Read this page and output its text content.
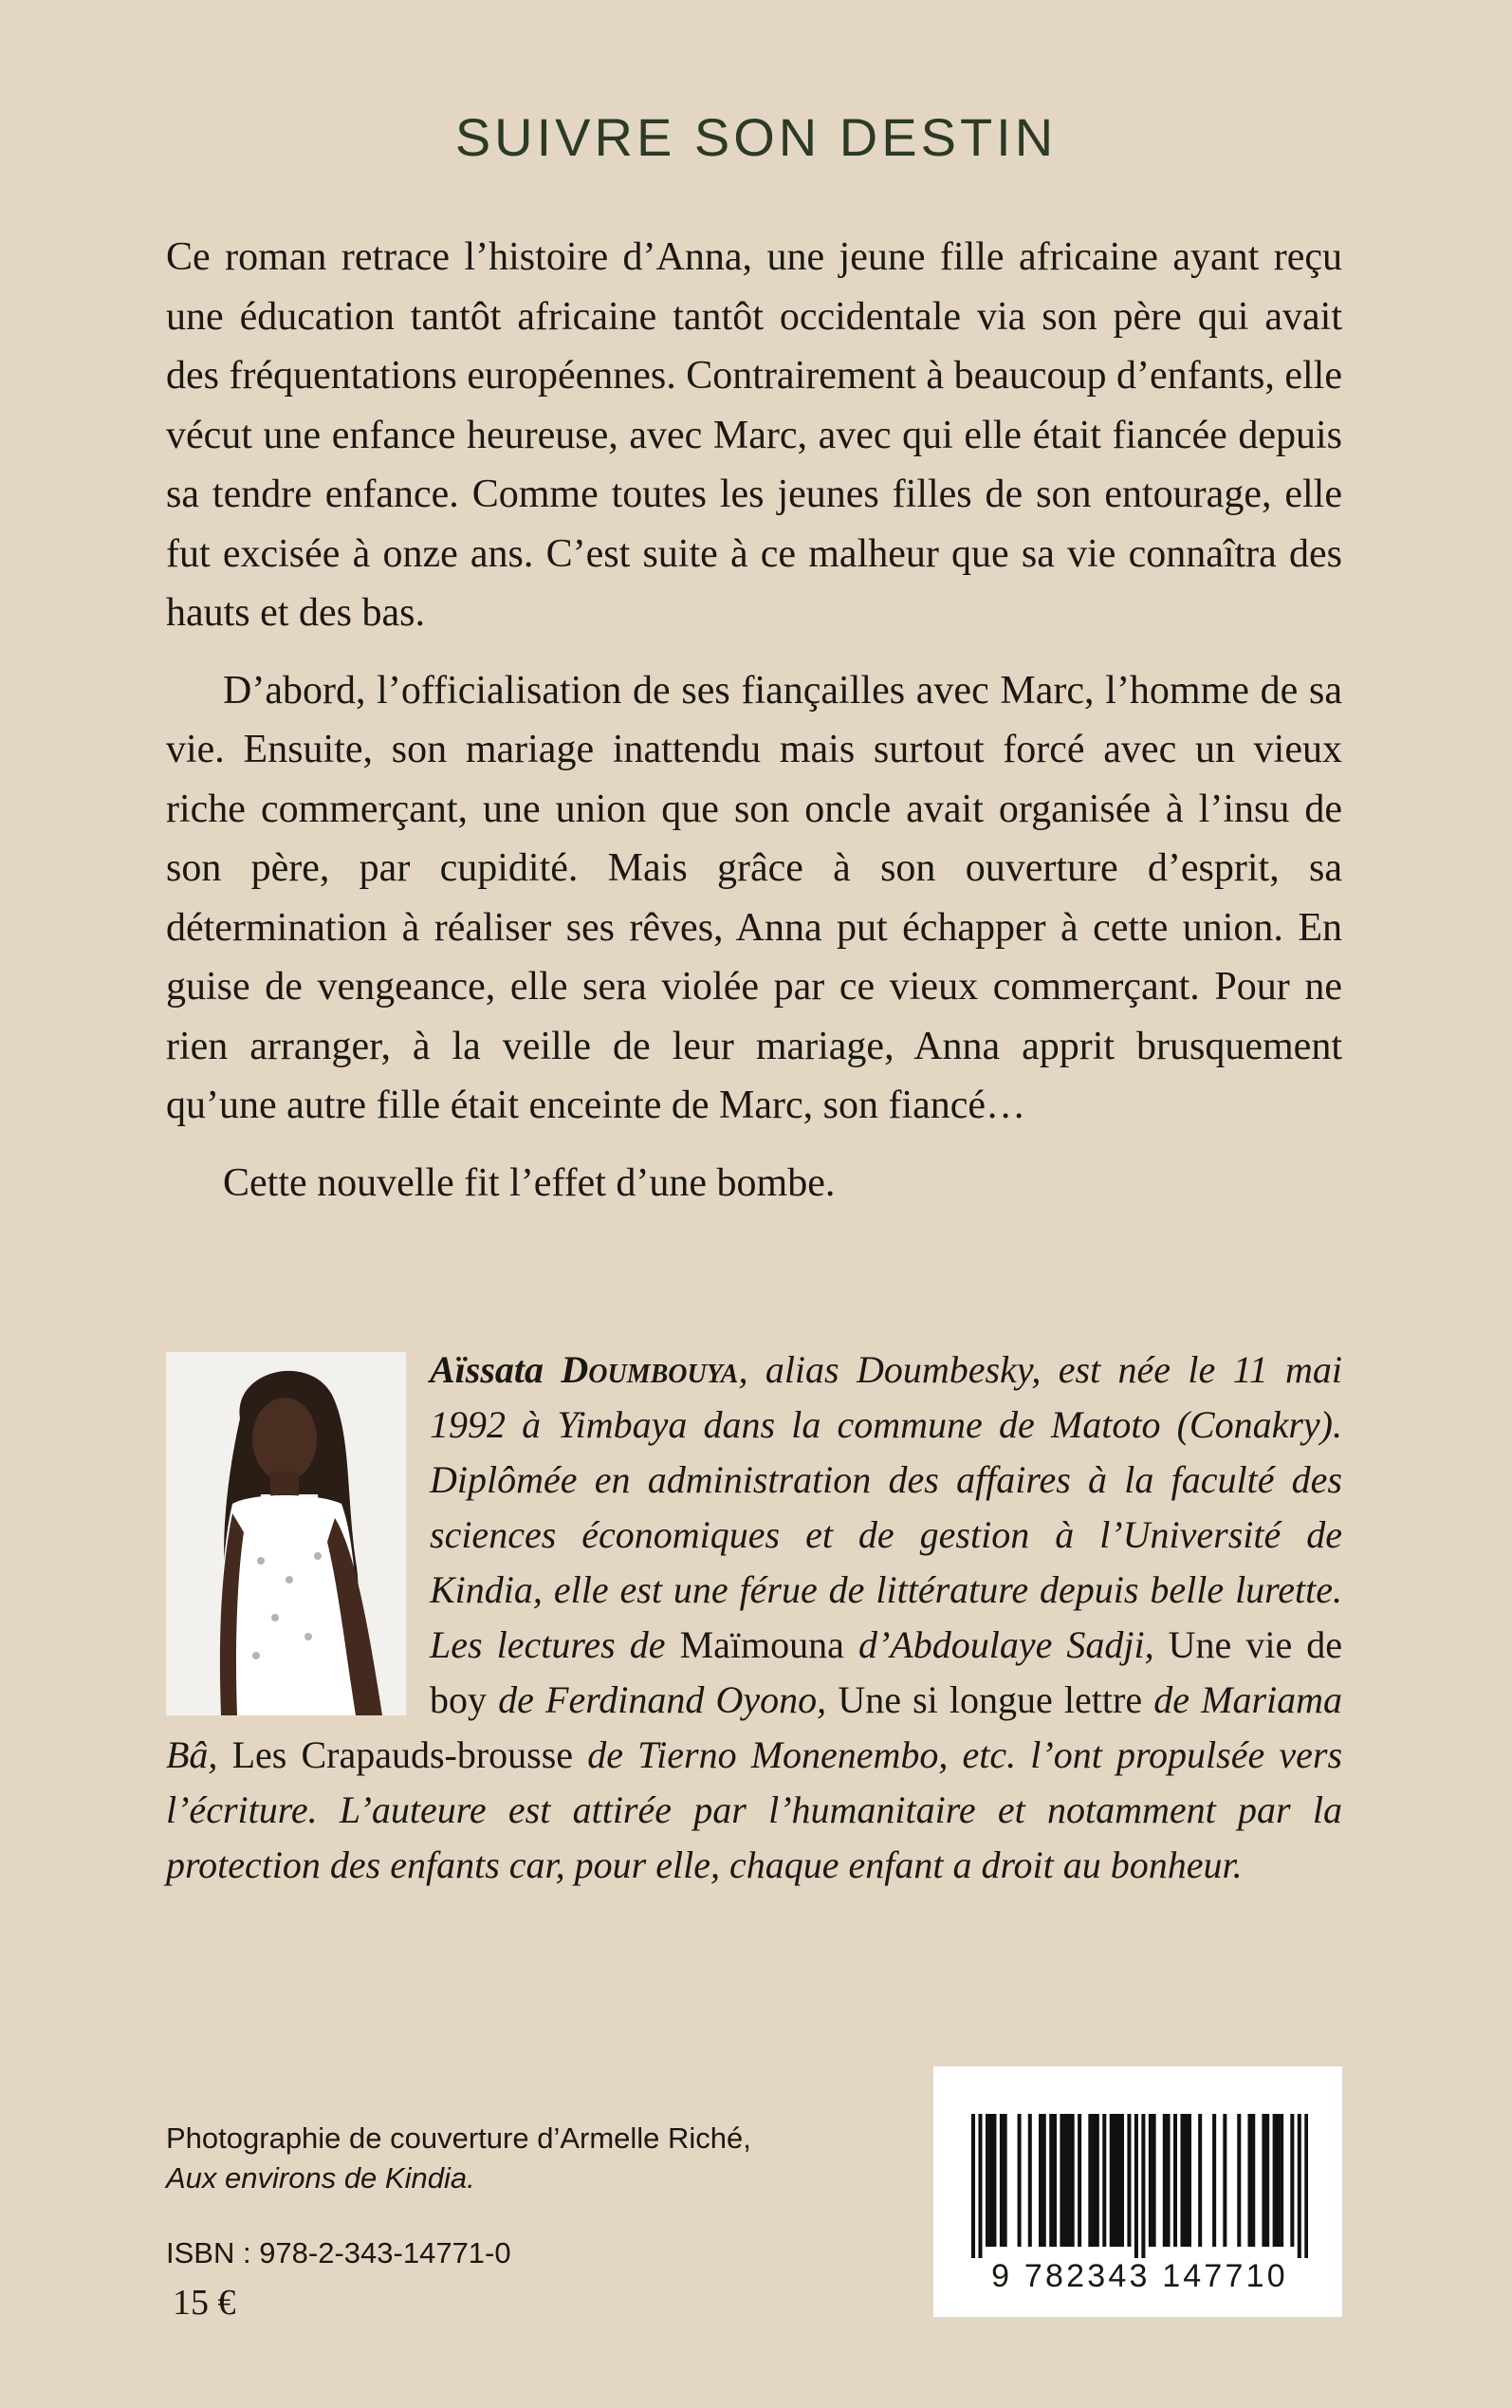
SUIVRE SON DESTIN

Ce roman retrace l’histoire d’Anna, une jeune fille africaine ayant reçu une éducation tantôt africaine tantôt occidentale via son père qui avait des fréquentations européennes. Contrairement à beaucoup d’enfants, elle vécut une enfance heureuse, avec Marc, avec qui elle était fiancée depuis sa tendre enfance. Comme toutes les jeunes filles de son entourage, elle fut excisée à onze ans. C’est suite à ce malheur que sa vie connaîtra des hauts et des bas.

D’abord, l’officialisation de ses fiançailles avec Marc, l’homme de sa vie. Ensuite, son mariage inattendu mais surtout forcé avec un vieux riche commerçant, une union que son oncle avait organisée à l’insu de son père, par cupidité. Mais grâce à son ouverture d’esprit, sa détermination à réaliser ses rêves, Anna put échapper à cette union. En guise de vengeance, elle sera violée par ce vieux commerçant. Pour ne rien arranger, à la veille de leur mariage, Anna apprit brusquement qu’une autre fille était enceinte de Marc, son fiancé…

Cette nouvelle fit l’effet d’une bombe.

Aïssata Doumbouya, alias Doumbesky, est née le 11 mai 1992 à Yimbaya dans la commune de Matoto (Conakry). Diplômée en administration des affaires à la faculté des sciences économiques et de gestion à l’Université de Kindia, elle est une férue de littérature depuis belle lurette. Les lectures de Maïmouna d’Abdoulaye Sadji, Une vie de boy de Ferdinand Oyono, Une si longue lettre de Mariama Bâ, Les Crapauds-brousse de Tierno Monenembo, etc. l’ont propulsée vers l’écriture. L’auteure est attirée par l’humanitaire et notamment par la protection des enfants car, pour elle, chaque enfant a droit au bonheur.

Photographie de couverture d’Armelle Riché,
Aux environs de Kindia.
ISBN : 978-2-343-14771-0
15 €
9 782343 147710
